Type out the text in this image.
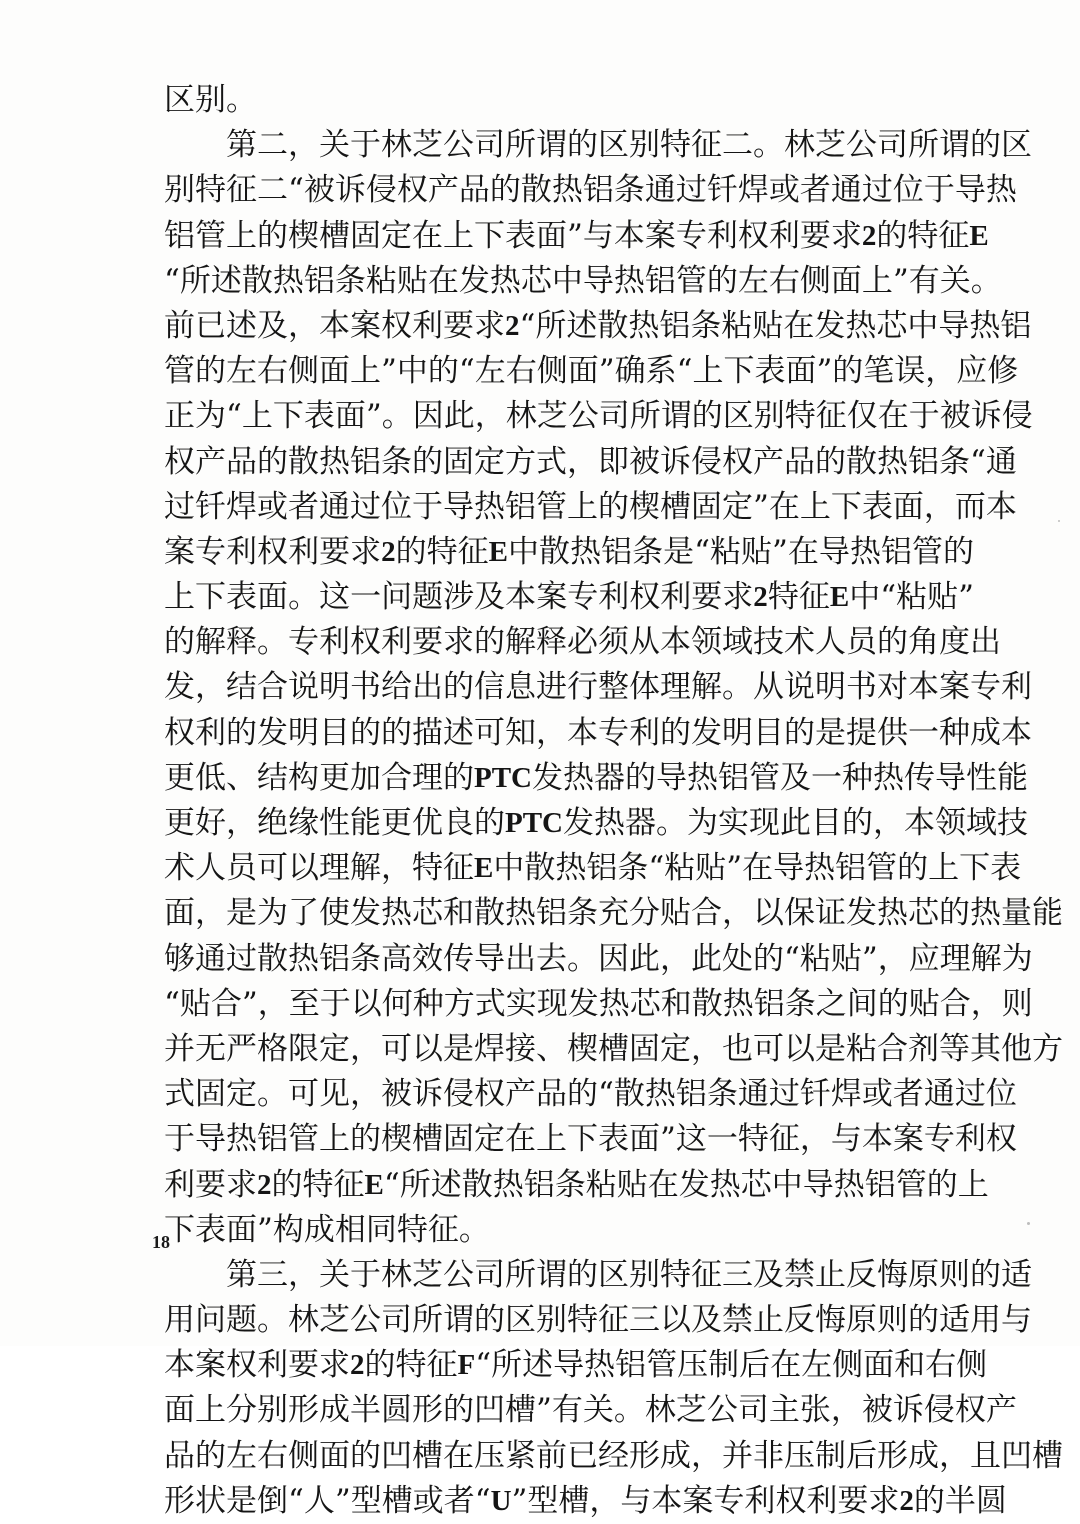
区 别 。

第 二 ， 关 于 林 芝 公 司 所 谓 的 区 别 特 征 二 。 林 芝 公 司 所 谓 的 区
别 特 征 二 “ 被 诉 侵 权 产 品 的 散 热 铝 条 通 过 钎 焊 或 者 通 过 位 于 导 热
铝 管 上 的 楔 槽 固 定 在 上 下 表 面 ” 与 本 案 专 利 权 利 要 求 2 的 特 征 E
“ 所 述 散 热 铝 条 粘 贴 在 发 热 芯 中 导 热 铝 管 的 左 右 侧 面 上 ” 有 关 。
前 已 述 及 ， 本 案 权 利 要 求 2 “ 所 述 散 热 铝 条 粘 贴 在 发 热 芯 中 导 热 铝
管 的 左 右 侧 面 上 ” 中 的 “ 左 右 侧 面 ” 确 系 “ 上 下 表 面 ” 的 笔 误 ， 应 修
正 为 “ 上 下 表 面 ” 。 因 此 ， 林 芝 公 司 所 谓 的 区 别 特 征 仅 在 于 被 诉 侵
权 产 品 的 散 热 铝 条 的 固 定 方 式 ， 即 被 诉 侵 权 产 品 的 散 热 铝 条 “ 通
过 钎 焊 或 者 通 过 位 于 导 热 铝 管 上 的 楔 槽 固 定 ” 在 上 下 表 面 ， 而 本
案 专 利 权 利 要 求 2 的 特 征 E 中 散 热 铝 条 是 “ 粘 贴 ” 在 导 热 铝 管 的
上 下 表 面 。 这 一 问 题 涉 及 本 案 专 利 权 利 要 求 2 特 征 E 中 “ 粘 贴 ”
的 解 释 。 专 利 权 利 要 求 的 解 释 必 须 从 本 领 域 技 术 人 员 的 角 度 出
发 ， 结 合 说 明 书 给 出 的 信 息 进 行 整 体 理 解 。 从 说 明 书 对 本 案 专 利
权 利 的 发 明 目 的 的 描 述 可 知 ， 本 专 利 的 发 明 目 的 是 提 供 一 种 成 本
更 低 、 结 构 更 加 合 理 的 PTC 发 热 器 的 导 热 铝 管 及 一 种 热 传 导 性 能
更 好 ， 绝 缘 性 能 更 优 良 的 PTC 发 热 器 。 为 实 现 此 目 的 ， 本 领 域 技
术 人 员 可 以 理 解 ， 特 征 E 中 散 热 铝 条 “ 粘 贴 ” 在 导 热 铝 管 的 上 下 表
面 ， 是 为 了 使 发 热 芯 和 散 热 铝 条 充 分 贴 合 ， 以 保 证 发 热 芯 的 热 量 能
够 通 过 散 热 铝 条 高 效 传 导 出 去 。 因 此 ， 此 处 的 “ 粘 贴 ” ， 应 理 解 为
“ 贴 合 ” ， 至 于 以 何 种 方 式 实 现 发 热 芯 和 散 热 铝 条 之 间 的 贴 合 ， 则
并 无 严 格 限 定 ， 可 以 是 焊 接 、 楔 槽 固 定 ， 也 可 以 是 粘 合 剂 等 其 他 方
式 固 定 。 可 见 ， 被 诉 侵 权 产 品 的 “ 散 热 铝 条 通 过 钎 焊 或 者 通 过 位
于 导 热 铝 管 上 的 楔 槽 固 定 在 上 下 表 面 ” 这 一 特 征 ， 与 本 案 专 利 权
利 要 求 2 的 特 征 E “ 所 述 散 热 铝 条 粘 贴 在 发 热 芯 中 导 热 铝 管 的 上
下 表 面 ” 构 成 相 同 特 征 。

第 三 ， 关 于 林 芝 公 司 所 谓 的 区 别 特 征 三 及 禁 止 反 悔 原 则 的 适
用 问 题 。 林 芝 公 司 所 谓 的 区 别 特 征 三 以 及 禁 止 反 悔 原 则 的 适 用 与
本 案 权 利 要 求 2 的 特 征 F “ 所 述 导 热 铝 管 压 制 后 在 左 侧 面 和 右 侧
面 上 分 别 形 成 半 圆 形 的 凹 槽 ” 有 关 。 林 芝 公 司 主 张 ， 被 诉 侵 权 产
品 的 左 右 侧 面 的 凹 槽 在 压 紧 前 已 经 形 成 ， 并 非 压 制 后 形 成 ， 且 凹 槽
形 状 是 倒 “ 人 ” 型 槽 或 者 “ U ” 型 槽 ， 与 本 案 专 利 权 利 要 求 2 的 半 圆
18
